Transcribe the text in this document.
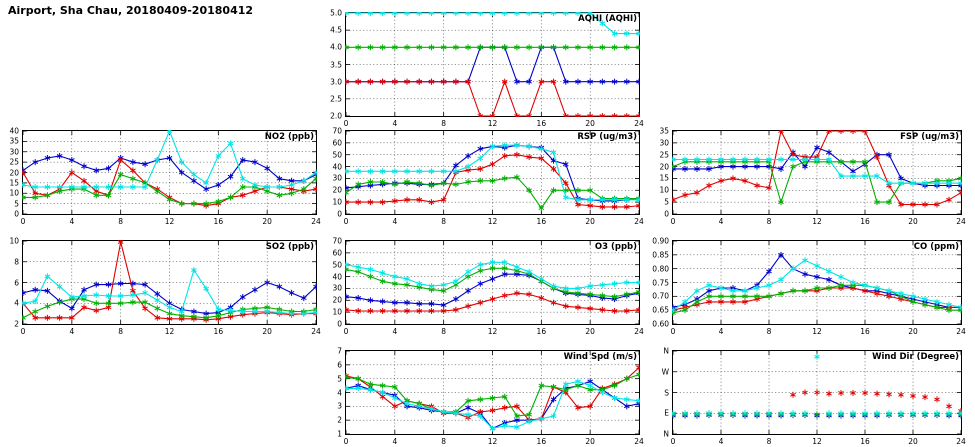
Airport, Sha Chau, 20180409-20180412
AQHI (AQHI)
2.0
2.5
3.0
3.5
4.0
4.5
5.0
0	4	8	12	16	20	24
NO2 (ppb)
0
5
10
15
20
25
30
35
40
0	4	8	12	16	20	24
RSP (ug/m3)
0
10
20
30
40
50
60
70
0	4	8	12	16	20	24
FSP (ug/m3)
0
5
10
15
20
25
30
35
0	4	8	12	16	20	24
SO2 (ppb)
2
4
6
8
10
0	4	8	12	16	20	24
O3 (ppb)
0
10
20
30
40
50
60
70
0	4	8	12	16	20	24
CO (ppm)
0.60
0.65
0.70
0.75
0.80
0.85
0.90
0	4	8	12	16	20	24
Wind Spd (m/s)
1
2
3
4
5
6
7
0	4	8	12	16	20	24
Wind Dir (Degree)
N
W
S
E
N
0	4	8	12	16	20	24
